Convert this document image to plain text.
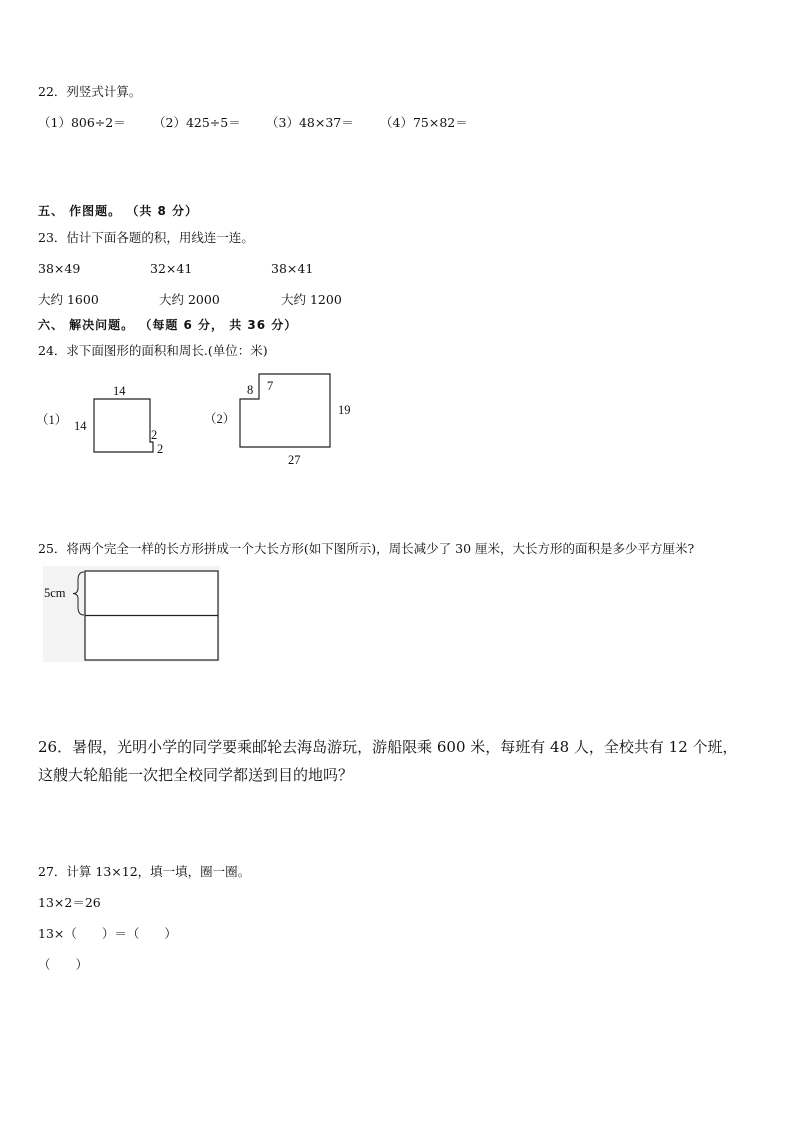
22．列竖式计算。
（1）806÷2＝ （2）425÷5＝ （3）48×37＝ （4）75×82＝
五、 作图题。 （共 8 分）
23．估计下面各题的积，用线连一连。
38×49	32×41	38×41
大约 1600	大约 2000	大约 1200
六、 解决问题。 （每题 6 分， 共 36 分）
24．求下面图形的面积和周长.(单位：米)
（1）
14
14
2
2
（2）
8 7
19
27
25．将两个完全一样的长方形拼成一个大长方形(如下图所示)，周长减少了 30 厘米，大长方形的面积是多少平方厘米?
5cm
26．暑假，光明小学的同学要乘邮轮去海岛游玩，游船限乘 600 米，每班有 48 人，全校共有 12 个班，
这艘大轮船能一次把全校同学都送到目的地吗？
27．计算 13×12，填一填，圈一圈。
13×2＝26
13×（　　）＝（　　）
（　　）
